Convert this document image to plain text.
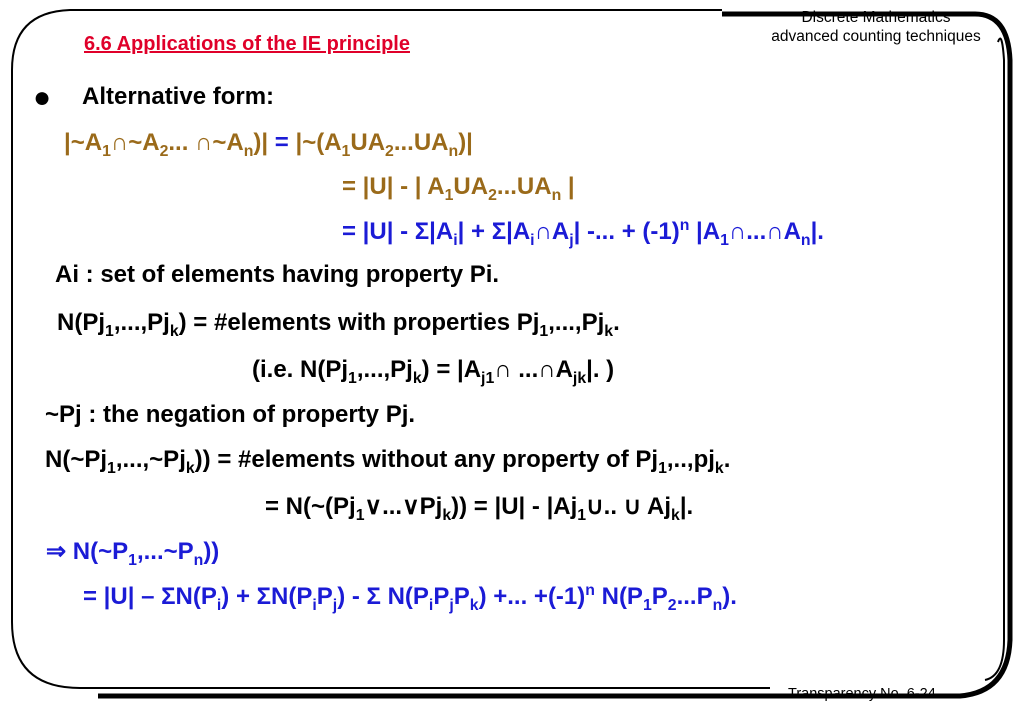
Discrete Mathematics
advanced counting techniques
6.6 Applications of the IE principle
● Alternative form:
$|\sim A_1\cap\sim A_2$... $\cap\sim A_n)|$ = $|\sim(A_1UA_2...UA_n)|$
= |U| - | $A_1UA_2...UA_n$ |
= $|U| - \Sigma|A_i|$ + $\Sigma|A_i\cap A_j|$ -... + $(-1)^n$ $|A_1\cap...\cap A_n|$.
Ai : set of elements having property Pi.
$N(Pj_1,...,Pj_k)$ = #elements with properties $Pj_1,...,Pj_k$.
(i.e. $N(Pj_1,...,Pj_k)$ = $|A_{j1}\cap$ $...\cap A_{jk}|$. )
~Pj : the negation of property Pj.
$N(\sim Pj_1,...,\sim Pj_k)$) = #elements without any property of $Pj_1,..,pj_k$.
= $N(\sim(Pj_1\vee...\vee Pj_k)) = |U|$ - $|Aj_1\cup$.. ∪ $Aj_k|$.
⇒ $N(\sim P_1,...\sim P_n)$)
= $|U| - \Sigma N(P_i) + \Sigma N(P_iP_j) - \Sigma$ $N(P_iP_jP_k)$ +... $+(-1)^n$ $N(P_1P_2...P_n)$.
Transparency No. 6-24
